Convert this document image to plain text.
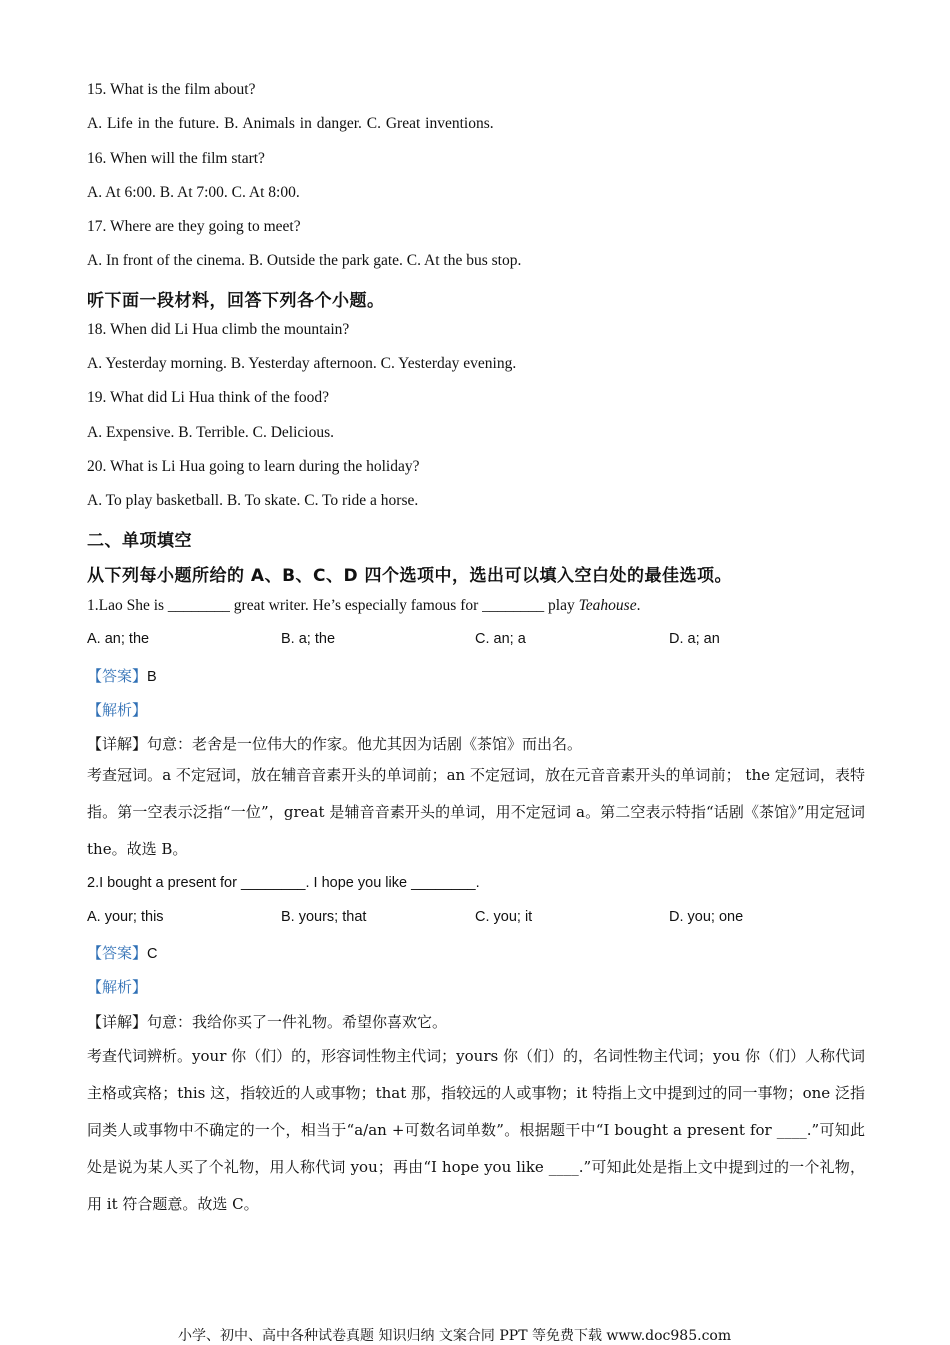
15. What is the film about?
A. Life in the future. B. Animals in danger. C. Great inventions.
16. When will the film start?
A. At 6:00. B. At 7:00. C. At 8:00.
17. Where are they going to meet?
A. In front of the cinema. B. Outside the park gate. C. At the bus stop.
听下面一段材料，回答下列各个小题。
18. When did Li Hua climb the mountain?
A. Yesterday morning. B. Yesterday afternoon. C. Yesterday evening.
19. What did Li Hua think of the food?
A. Expensive. B. Terrible. C. Delicious.
20. What is Li Hua going to learn during the holiday?
A. To play basketball. B. To skate. C. To ride a horse.
二、单项填空
从下列每小题所给的 A、B、C、D 四个选项中，选出可以填入空白处的最佳选项。
1.Lao She is ________ great writer. He’s especially famous for ________ play Teahouse.
A. an; the	B. a; the	C. an; a	D. a; an
【答案】B
【解析】
【详解】句意：老舍是一位伟大的作家。他尤其因为话剧《茶馆》而出名。
考查冠词。a 不定冠词，放在辅音音素开头的单词前；an 不定冠词，放在元音音素开头的单词前； the 定冠词，表特指。第一空表示泛指“一位”，great 是辅音音素开头的单词，用不定冠词 a。第二空表示特指“话剧《茶馆》”用定冠词 the。故选 B。
2.I bought a present for ________. I hope you like ________.
A. your; this	B. yours; that	C. you; it	D. you; one
【答案】C
【解析】
【详解】句意：我给你买了一件礼物。希望你喜欢它。
考查代词辨析。your 你（们）的，形容词性物主代词；yours 你（们）的，名词性物主代词；you 你（们）人称代词主格或宾格；this 这，指较近的人或事物；that 那，指较远的人或事物；it 特指上文中提到过的同一事物；one 泛指同类人或事物中不确定的一个，相当于“a/an +可数名词单数”。根据题干中“I bought a present for ____.”可知此处是说为某人买了个礼物，用人称代词 you；再由“I hope you like ____.”可知此处是指上文中提到过的一个礼物，用 it 符合题意。故选 C。
小学、初中、高中各种试卷真题 知识归纳 文案合同 PPT 等免费下载 www.doc985.com
